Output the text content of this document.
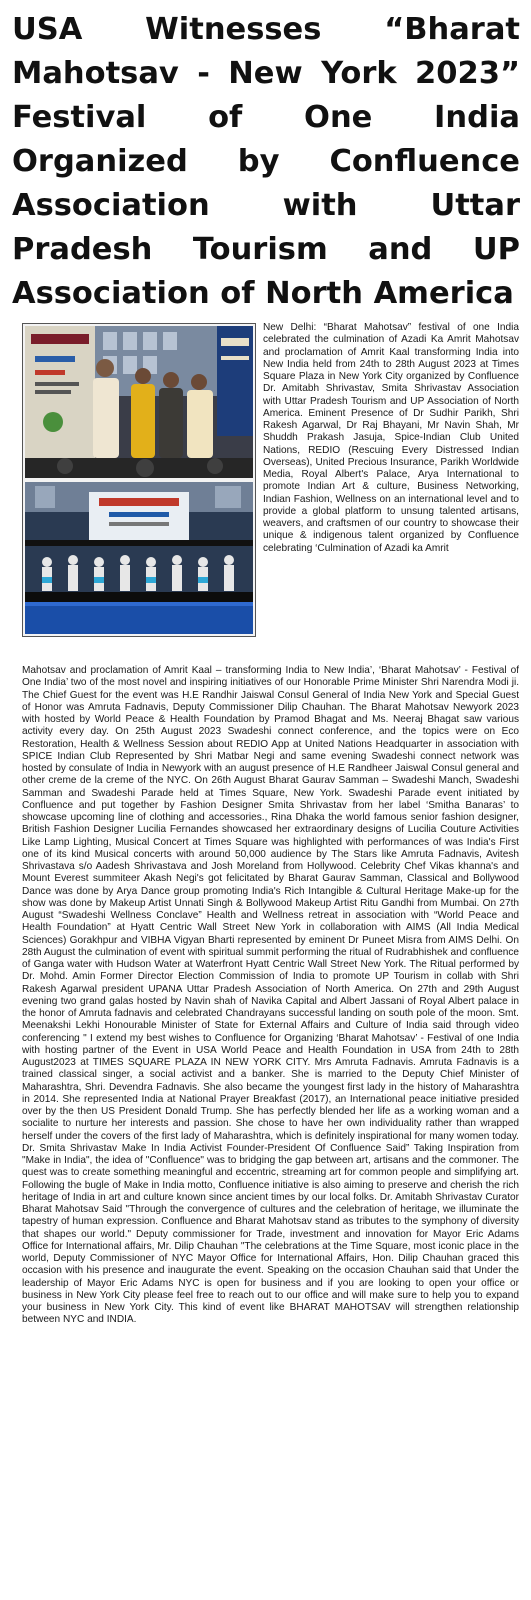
USA Witnesses “Bharat Mahotsav - New York 2023” Festival of One India Organized by Confluence Association with Uttar Pradesh Tourism and UP Association of North America
New Delhi: “Bharat Mahotsav” festival of one India celebrated the culmination of Azadi Ka Amrit Mahotsav and proclamation of Amrit Kaal transforming India into New India held from 24th to 28th August 2023 at Times Square Plaza in New York City organized by Confluence Dr. Amitabh Shrivastav, Smita Shrivastav Association with Uttar Pradesh Tourism and UP Association of North America. Eminent Presence of Dr Sudhir Parikh, Shri Rakesh Agarwal, Dr Raj Bhayani, Mr Navin Shah, Mr Shuddh Prakash Jasuja, Spice-Indian Club United Nations, REDIO (Rescuing Every Distressed Indian Overseas), United Precious Insurance, Parikh Worldwide Media, Royal Albert's Palace, Arya International to promote Indian Art & culture, Business Networking, Indian Fashion, Wellness on an international level and to provide a global platform to unsung talented artisans, weavers, and craftsmen of our country to showcase their unique & indigenous talent organized by Confluence celebrating ‘Culmination of Azadi ka Amrit
Mahotsav and proclamation of Amrit Kaal – transforming India to New India’, ‘Bharat Mahotsav’ - Festival of One India’ two of the most novel and inspiring initiatives of our Honorable Prime Minister Shri Narendra Modi ji. The Chief Guest for the event was H.E Randhir Jaiswal Consul General of India New York and Special Guest of Honor was Amruta Fadnavis, Deputy Commissioner Dilip Chauhan. The Bharat Mahotsav Newyork 2023 with hosted by World Peace & Health Foundation by Pramod Bhagat and Ms. Neeraj Bhagat saw various activity every day. On 25th August 2023 Swadeshi connect conference, and the topics were on Eco Restoration, Health & Wellness Session about REDIO App at United Nations Headquarter in association with SPICE Indian Club Represented by Shri Matbar Negi and same evening Swadeshi connect network was hosted by consulate of India in Newyork with an august presence of H.E Randheer Jaiswal Consul general and other creme de la creme of the NYC. On 26th August Bharat Gaurav Samman – Swadeshi Manch, Swadeshi Samman and Swadeshi Parade held at Times Square, New York. Swadeshi Parade event initiated by Confluence and put together by Fashion Designer Smita Shrivastav from her label ‘Smitha Banaras’ to showcase upcoming line of clothing and accessories., Rina Dhaka the world famous senior fashion designer, British Fashion Designer Lucilia Fernandes showcased her extraordinary designs of Lucilia Couture Activities Like Lamp Lighting, Musical Concert at Times Square was highlighted with performances of was India's First one of its kind Musical concerts with around 50,000 audience by The Stars like Amruta Fadnavis, Avitesh Shrivastava s/o Aadesh Shrivastava and Josh Moreland from Hollywood. Celebrity Chef Vikas khanna's and Mount Everest summiteer Akash Negi's got felicitated by Bharat Gaurav Samman, Classical and Bollywood Dance was done by Arya Dance group promoting India's Rich Intangible & Cultural Heritage Make-up for the show was done by Makeup Artist Unnati Singh & Bollywood Makeup Artist Ritu Gandhi from Mumbai. On 27th August “Swadeshi Wellness Conclave” Health and Wellness retreat in association with “World Peace and Health Foundation” at Hyatt Centric Wall Street New York in collaboration with AIMS (All India Medical Sciences) Gorakhpur and VIBHA Vigyan Bharti represented by eminent Dr Puneet Misra from AIMS Delhi. On 28th August the culmination of event with spiritual summit performing the ritual of Rudrabhishek and confluence of Ganga water with Hudson Water at Waterfront Hyatt Centric Wall Street New York. The Ritual performed by Dr. Mohd. Amin Former Director Election Commission of India to promote UP Tourism in collab with Shri Rakesh Agarwal president UPANA Uttar Pradesh Association of North America. On 27th and 29th August evening two grand galas hosted by Navin shah of Navika Capital and Albert Jassani of Royal Albert palace in the honor of Amruta fadnavis and celebrated Chandrayans successful landing on south pole of the moon. Smt. Meenakshi Lekhi Honourable Minister of State for External Affairs and Culture of India said through video conferencing " I extend my best wishes to Confluence for Organizing ‘Bharat Mahotsav’ - Festival of one India with hosting partner of the Event in USA World Peace and Health Foundation in USA from 24th to 28th August2023 at TIMES SQUARE PLAZA IN NEW YORK CITY. Mrs Amruta Fadnavis. Amruta Fadnavis is a trained classical singer, a social activist and a banker. She is married to the Deputy Chief Minister of Maharashtra, Shri. Devendra Fadnavis. She also became the youngest first lady in the history of Maharashtra in 2014. She represented India at National Prayer Breakfast (2017), an International peace initiative presided over by the then US President Donald Trump. She has perfectly blended her life as a working woman and a socialite to nurture her interests and passion. She chose to have her own individuality rather than wrapped herself under the covers of the first lady of Maharashtra, which is definitely inspirational for many women today. Dr. Smita Shrivastav Make In India Activist Founder-President Of Confluence Said” Taking Inspiration from "Make in India", the idea of "Confluence" was to bridging the gap between art, artisans and the commoner. The quest was to create something meaningful and eccentric, streaming art for common people and simplifying art. Following the bugle of Make in India motto, Confluence initiative is also aiming to preserve and cherish the rich heritage of India in art and culture known since ancient times by our local folks. Dr. Amitabh Shrivastav Curator Bharat Mahotsav Said "Through the convergence of cultures and the celebration of heritage, we illuminate the tapestry of human expression. Confluence and Bharat Mahotsav stand as tributes to the symphony of diversity that shapes our world." Deputy commissioner for Trade, investment and innovation for Mayor Eric Adams Office for International affairs, Mr. Dilip Chauhan "The celebrations at the Time Square, most iconic place in the world, Deputy Commissioner of NYC Mayor Office for International Affairs, Hon. Dilip Chauhan graced this occasion with his presence and inaugurate the event. Speaking on the occasion Chauhan said that Under the leadership of Mayor Eric Adams NYC is open for business and if you are looking to open your office or business in New York City please feel free to reach out to our office and will make sure to help you to expand your business in New York City. This kind of event like BHARAT MAHOTSAV will strengthen relationship between NYC and INDIA.
